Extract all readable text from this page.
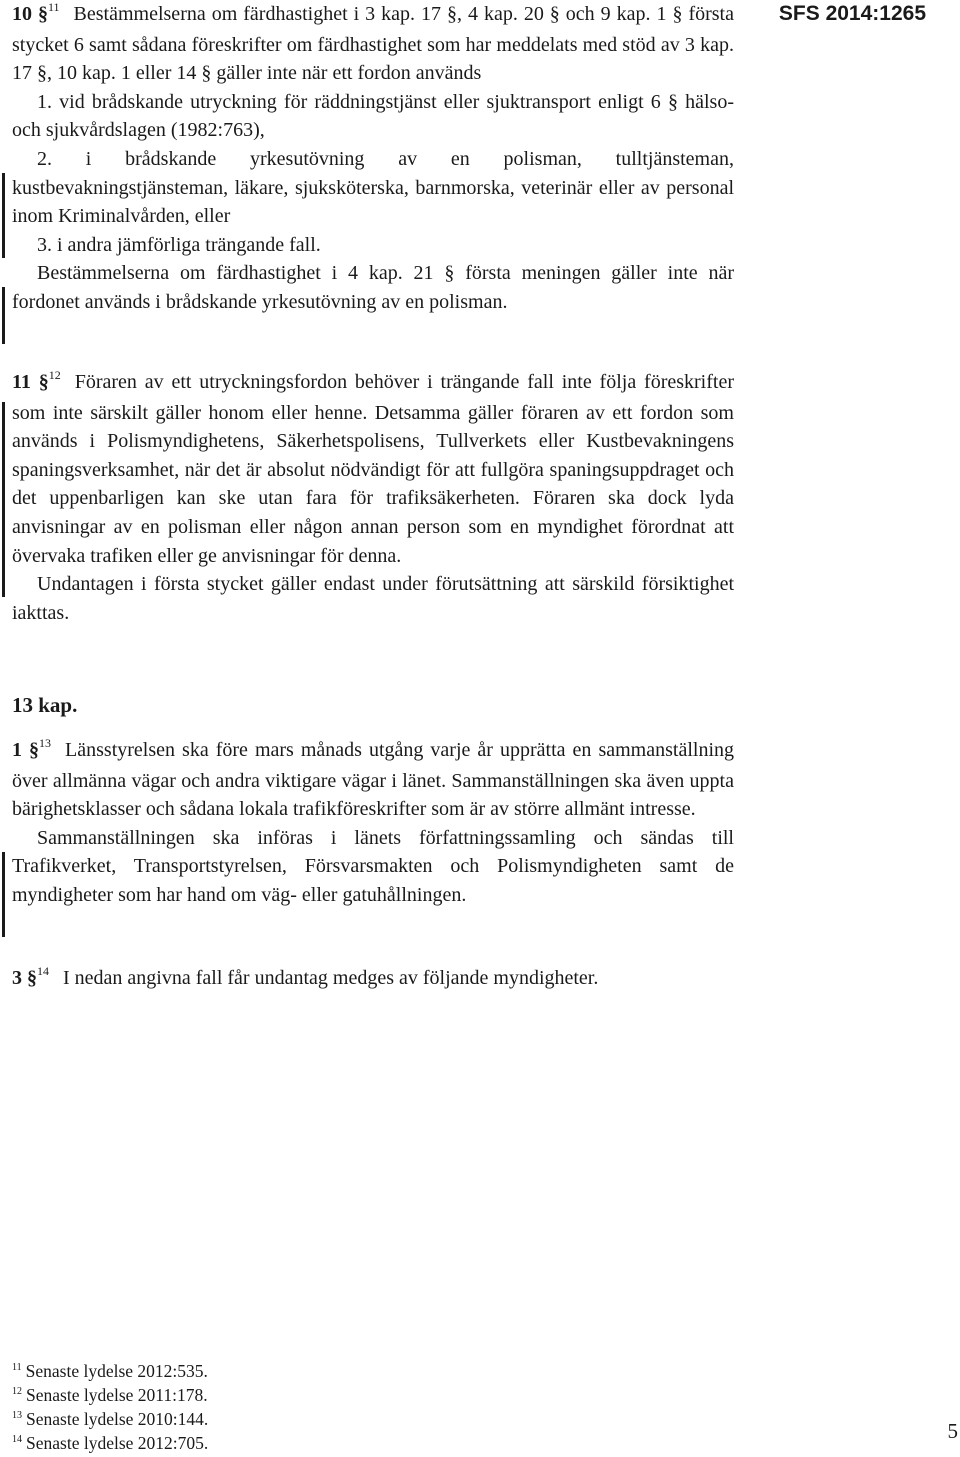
SFS 2014:1265

10 §$^{11}$ Bestämmelserna om färdhastighet i 3 kap. 17 §, 4 kap. 20 § och 9 kap. 1 § första stycket 6 samt sådana föreskrifter om färdhastighet som har meddelats med stöd av 3 kap. 17 §, 10 kap. 1 eller 14 § gäller inte när ett fordon används

1. vid brådskande utryckning för räddningstjänst eller sjuktransport enligt 6 § hälso- och sjukvårdslagen (1982:763),

2. i brådskande yrkesutövning av en polisman, tulltjänsteman, kustbevakningstjänsteman, läkare, sjuksköterska, barnmorska, veterinär eller av personal inom Kriminalvården, eller

3. i andra jämförliga trängande fall.

Bestämmelserna om färdhastighet i 4 kap. 21 § första meningen gäller inte när fordonet används i brådskande yrkesutövning av en polisman.

11 §$^{12}$ Föraren av ett utryckningsfordon behöver i trängande fall inte följa föreskrifter som inte särskilt gäller honom eller henne. Detsamma gäller föraren av ett fordon som används i Polismyndighetens, Säkerhetspolisens, Tullverkets eller Kustbevakningens spaningsverksamhet, när det är absolut nödvändigt för att fullgöra spaningsuppdraget och det uppenbarligen kan ske utan fara för trafiksäkerheten. Föraren ska dock lyda anvisningar av en polisman eller någon annan person som en myndighet förordnat att övervaka trafiken eller ge anvisningar för denna.

Undantagen i första stycket gäller endast under förutsättning att särskild försiktighet iakttas.

13 kap.

1 §$^{13}$ Länsstyrelsen ska före mars månads utgång varje år upprätta en sammanställning över allmänna vägar och andra viktigare vägar i länet. Sammanställningen ska även uppta bärighetsklasser och sådana lokala trafikföreskrifter som är av större allmänt intresse.

Sammanställningen ska införas i länets författningssamling och sändas till Trafikverket, Transportstyrelsen, Försvarsmakten och Polismyndigheten samt de myndigheter som har hand om väg- eller gatuhållningen.

3 §$^{14}$ I nedan angivna fall får undantag medges av följande myndigheter.

$^{11}$ Senaste lydelse 2012:535.
$^{12}$ Senaste lydelse 2011:178.
$^{13}$ Senaste lydelse 2010:144.
$^{14}$ Senaste lydelse 2012:705.	5
